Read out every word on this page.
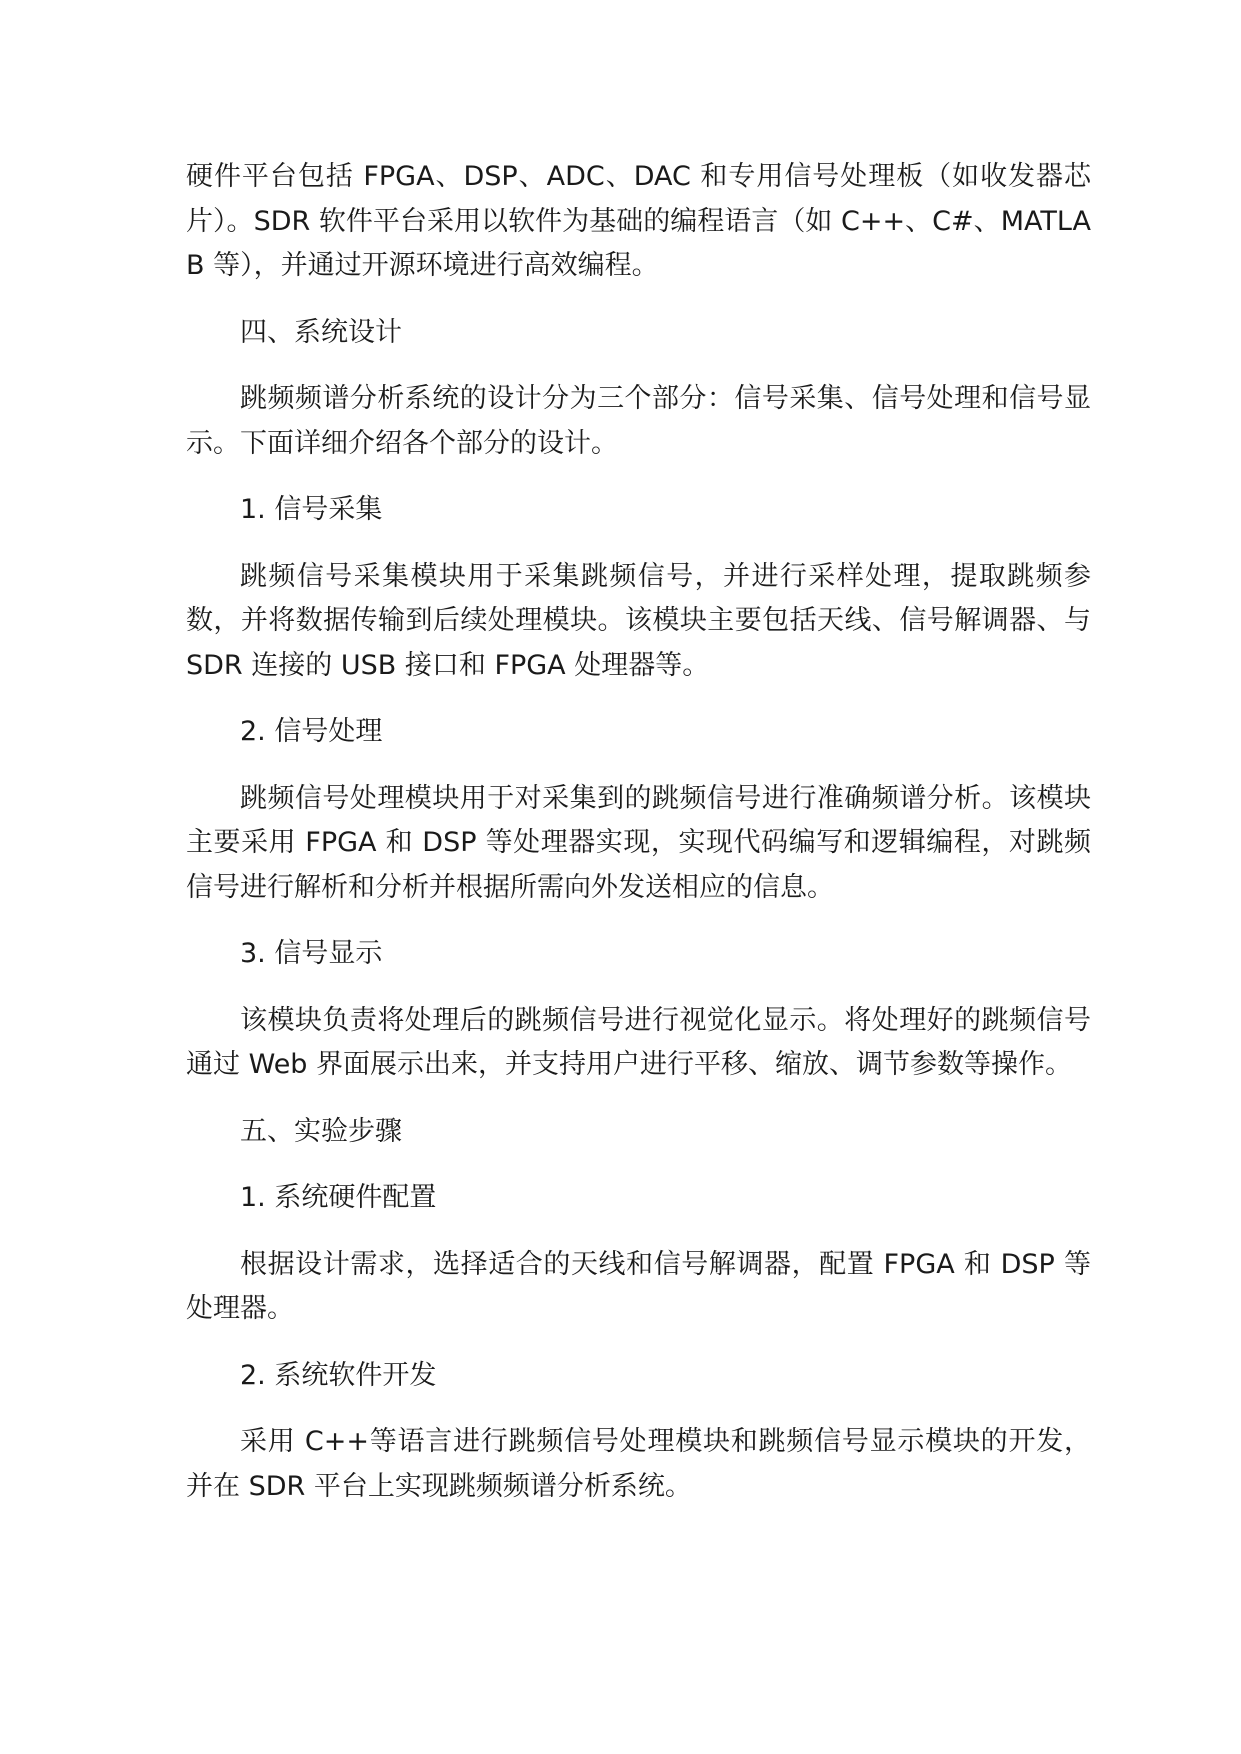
硬件平台包括 FPGA、DSP、ADC、DAC 和专用信号处理板（如收发器芯片）。SDR 软件平台采用以软件为基础的编程语言（如 C++、C#、MATLAB 等），并通过开源环境进行高效编程。

四、系统设计

跳频频谱分析系统的设计分为三个部分：信号采集、信号处理和信号显示。下面详细介绍各个部分的设计。

1. 信号采集

跳频信号采集模块用于采集跳频信号，并进行采样处理，提取跳频参数，并将数据传输到后续处理模块。该模块主要包括天线、信号解调器、与 SDR 连接的 USB 接口和 FPGA 处理器等。

2. 信号处理

跳频信号处理模块用于对采集到的跳频信号进行准确频谱分析。该模块主要采用 FPGA 和 DSP 等处理器实现，实现代码编写和逻辑编程，对跳频信号进行解析和分析并根据所需向外发送相应的信息。

3. 信号显示

该模块负责将处理后的跳频信号进行视觉化显示。将处理好的跳频信号通过 Web 界面展示出来，并支持用户进行平移、缩放、调节参数等操作。

五、实验步骤

1. 系统硬件配置

根据设计需求，选择适合的天线和信号解调器，配置 FPGA 和 DSP 等处理器。

2. 系统软件开发

采用 C++等语言进行跳频信号处理模块和跳频信号显示模块的开发，并在 SDR 平台上实现跳频频谱分析系统。
